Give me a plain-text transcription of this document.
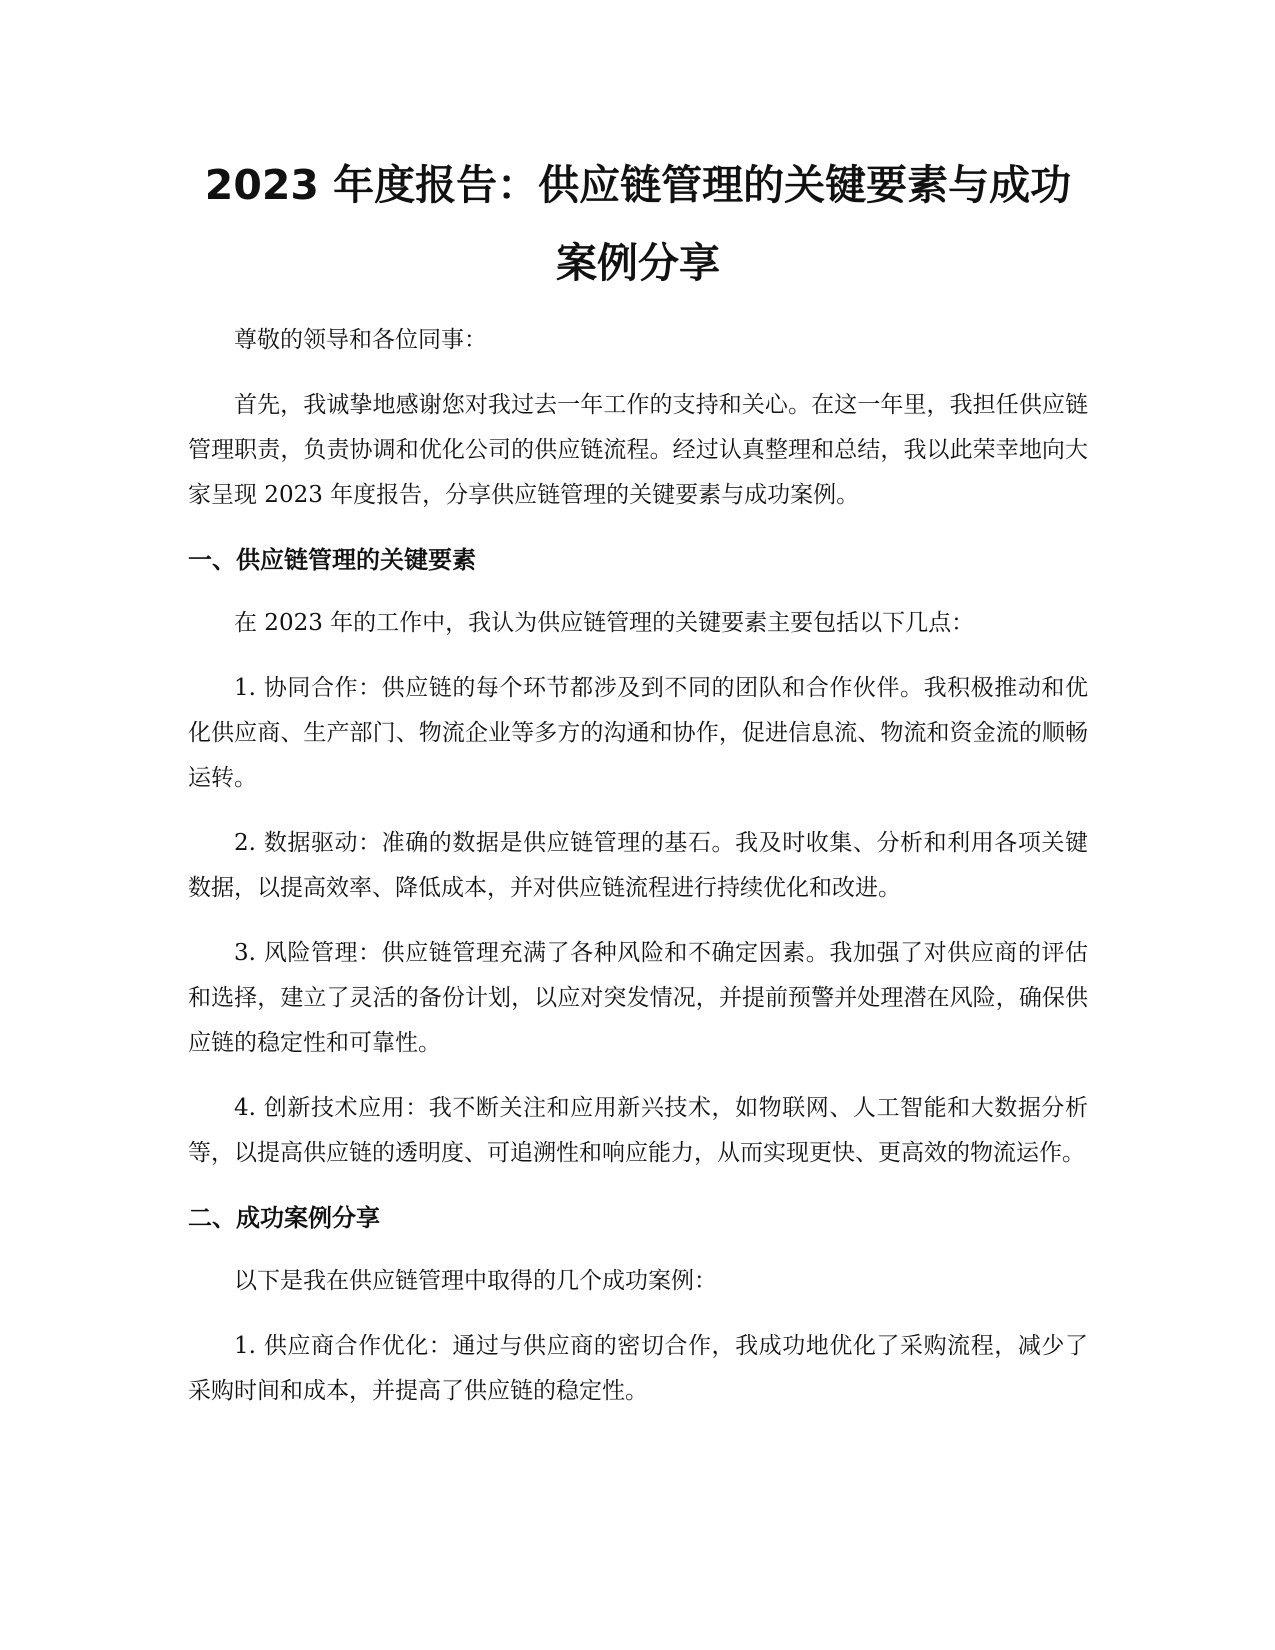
2023 年度报告：供应链管理的关键要素与成功案例分享

尊敬的领导和各位同事：

首先，我诚挚地感谢您对我过去一年工作的支持和关心。在这一年里，我担任供应链管理职责，负责协调和优化公司的供应链流程。经过认真整理和总结，我以此荣幸地向大家呈现 2023 年度报告，分享供应链管理的关键要素与成功案例。

一、供应链管理的关键要素

在 2023 年的工作中，我认为供应链管理的关键要素主要包括以下几点：

1. 协同合作：供应链的每个环节都涉及到不同的团队和合作伙伴。我积极推动和优化供应商、生产部门、物流企业等多方的沟通和协作，促进信息流、物流和资金流的顺畅运转。

2. 数据驱动：准确的数据是供应链管理的基石。我及时收集、分析和利用各项关键数据，以提高效率、降低成本，并对供应链流程进行持续优化和改进。

3. 风险管理：供应链管理充满了各种风险和不确定因素。我加强了对供应商的评估和选择，建立了灵活的备份计划，以应对突发情况，并提前预警并处理潜在风险，确保供应链的稳定性和可靠性。

4. 创新技术应用：我不断关注和应用新兴技术，如物联网、人工智能和大数据分析等，以提高供应链的透明度、可追溯性和响应能力，从而实现更快、更高效的物流运作。

二、成功案例分享

以下是我在供应链管理中取得的几个成功案例：

1. 供应商合作优化：通过与供应商的密切合作，我成功地优化了采购流程，减少了采购时间和成本，并提高了供应链的稳定性。
